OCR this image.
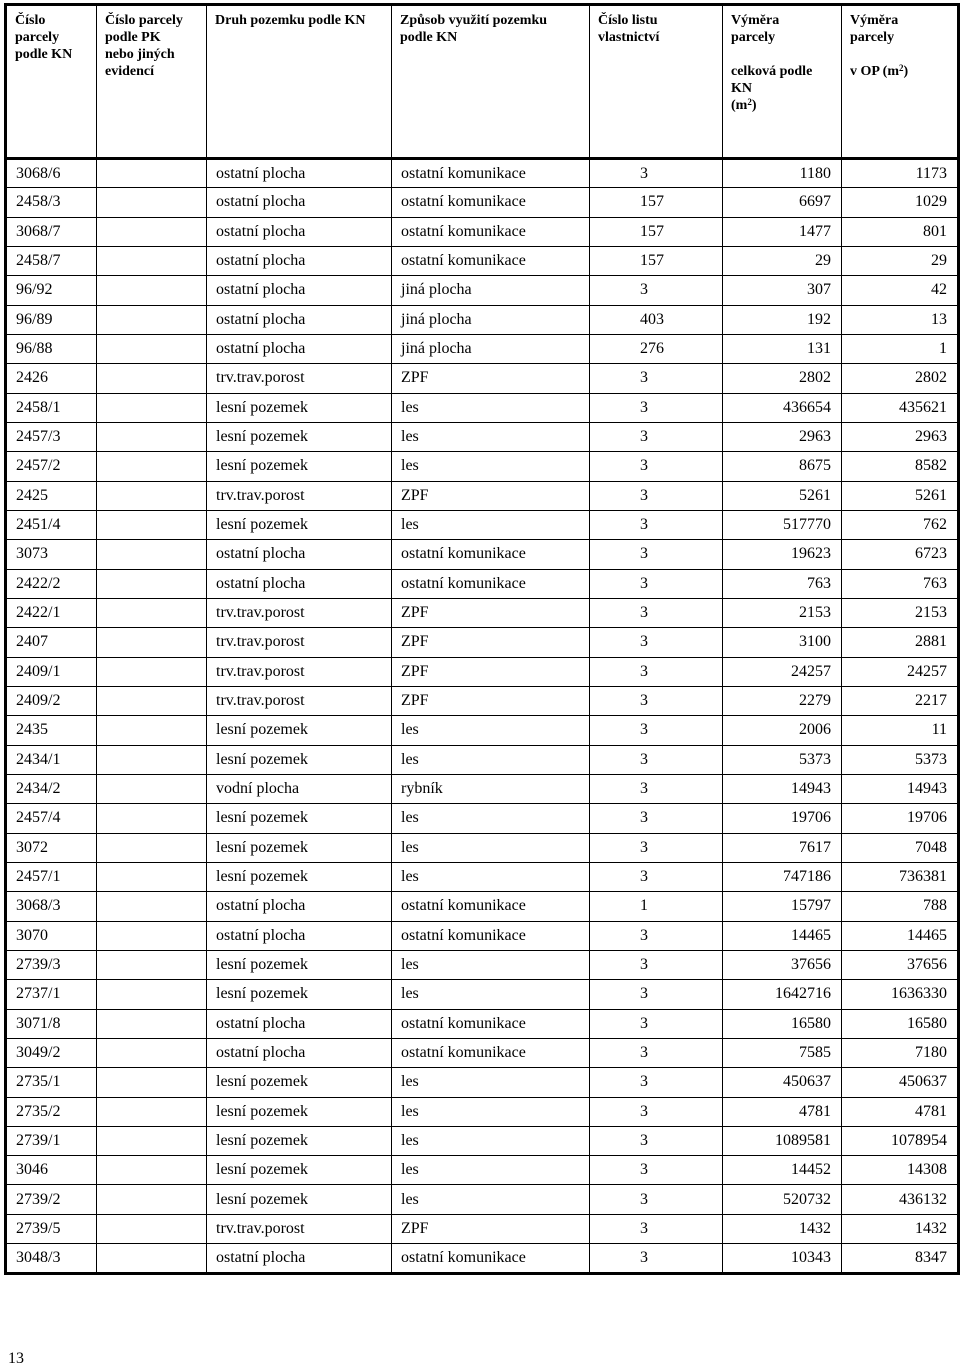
Číslo
parcely
podle KN	Číslo parcely
podle PK
nebo jiných
evidencí	Druh pozemku podle KN	Způsob využití pozemku
podle KN	Číslo listu
vlastnictví	Výměra
parcely
celková podle
KN
$(m^2)$	Výměra
parcely
v OP $(m^2)$
3068/6		ostatní plocha	ostatní komunikace	3	1180	1173
2458/3		ostatní plocha	ostatní komunikace	157	6697	1029
3068/7		ostatní plocha	ostatní komunikace	157	1477	801
2458/7		ostatní plocha	ostatní komunikace	157	29	29
96/92		ostatní plocha	jiná plocha	3	307	42
96/89		ostatní plocha	jiná plocha	403	192	13
96/88		ostatní plocha	jiná plocha	276	131	1
2426		trv.trav.porost	ZPF	3	2802	2802
2458/1		lesní pozemek	les	3	436654	435621
2457/3		lesní pozemek	les	3	2963	2963
2457/2		lesní pozemek	les	3	8675	8582
2425		trv.trav.porost	ZPF	3	5261	5261
2451/4		lesní pozemek	les	3	517770	762
3073		ostatní plocha	ostatní komunikace	3	19623	6723
2422/2		ostatní plocha	ostatní komunikace	3	763	763
2422/1		trv.trav.porost	ZPF	3	2153	2153
2407		trv.trav.porost	ZPF	3	3100	2881
2409/1		trv.trav.porost	ZPF	3	24257	24257
2409/2		trv.trav.porost	ZPF	3	2279	2217
2435		lesní pozemek	les	3	2006	11
2434/1		lesní pozemek	les	3	5373	5373
2434/2		vodní plocha	rybník	3	14943	14943
2457/4		lesní pozemek	les	3	19706	19706
3072		lesní pozemek	les	3	7617	7048
2457/1		lesní pozemek	les	3	747186	736381
3068/3		ostatní plocha	ostatní komunikace	1	15797	788
3070		ostatní plocha	ostatní komunikace	3	14465	14465
2739/3		lesní pozemek	les	3	37656	37656
2737/1		lesní pozemek	les	3	1642716	1636330
3071/8		ostatní plocha	ostatní komunikace	3	16580	16580
3049/2		ostatní plocha	ostatní komunikace	3	7585	7180
2735/1		lesní pozemek	les	3	450637	450637
2735/2		lesní pozemek	les	3	4781	4781
2739/1		lesní pozemek	les	3	1089581	1078954
3046		lesní pozemek	les	3	14452	14308
2739/2		lesní pozemek	les	3	520732	436132
2739/5		trv.trav.porost	ZPF	3	1432	1432
3048/3		ostatní plocha	ostatní komunikace	3	10343	8347
13
